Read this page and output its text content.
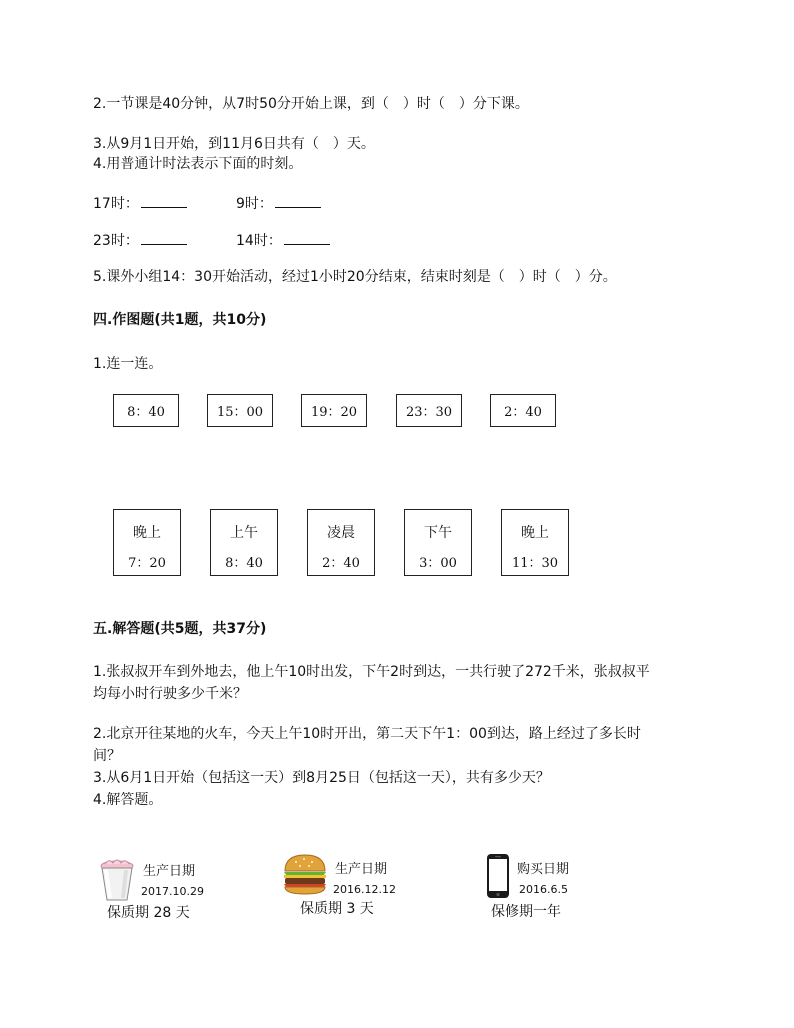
2.一节课是40分钟，从7时50分开始上课，到（　）时（　）分下课。
3.从9月1日开始，到11月6日共有（　）天。
4.用普通计时法表示下面的时刻。
17时：	9时：
23时：	14时：
5.课外小组14：30开始活动，经过1小时20分结束，结束时刻是（　）时（　）分。
四.作图题(共1题，共10分)
1.连一连。
8：40	15：00	19：20	23：30	2：40
晚上
7：20
上午
8：40
凌晨
2：40
下午
3：00
晚上
11：30
五.解答题(共5题，共37分)
1.张叔叔开车到外地去，他上午10时出发，下午2时到达，一共行驶了272千米，张叔叔平
均每小时行驶多少千米？
2.北京开往某地的火车，今天上午10时开出，第二天下午1：00到达，路上经过了多长时
间？
3.从6月1日开始（包括这一天）到8月25日（包括这一天），共有多少天？
4.解答题。
生产日期
2017.10.29
保质期 28 天
生产日期
2016.12.12
保质期 3 天
购买日期
2016.6.5
保修期一年
